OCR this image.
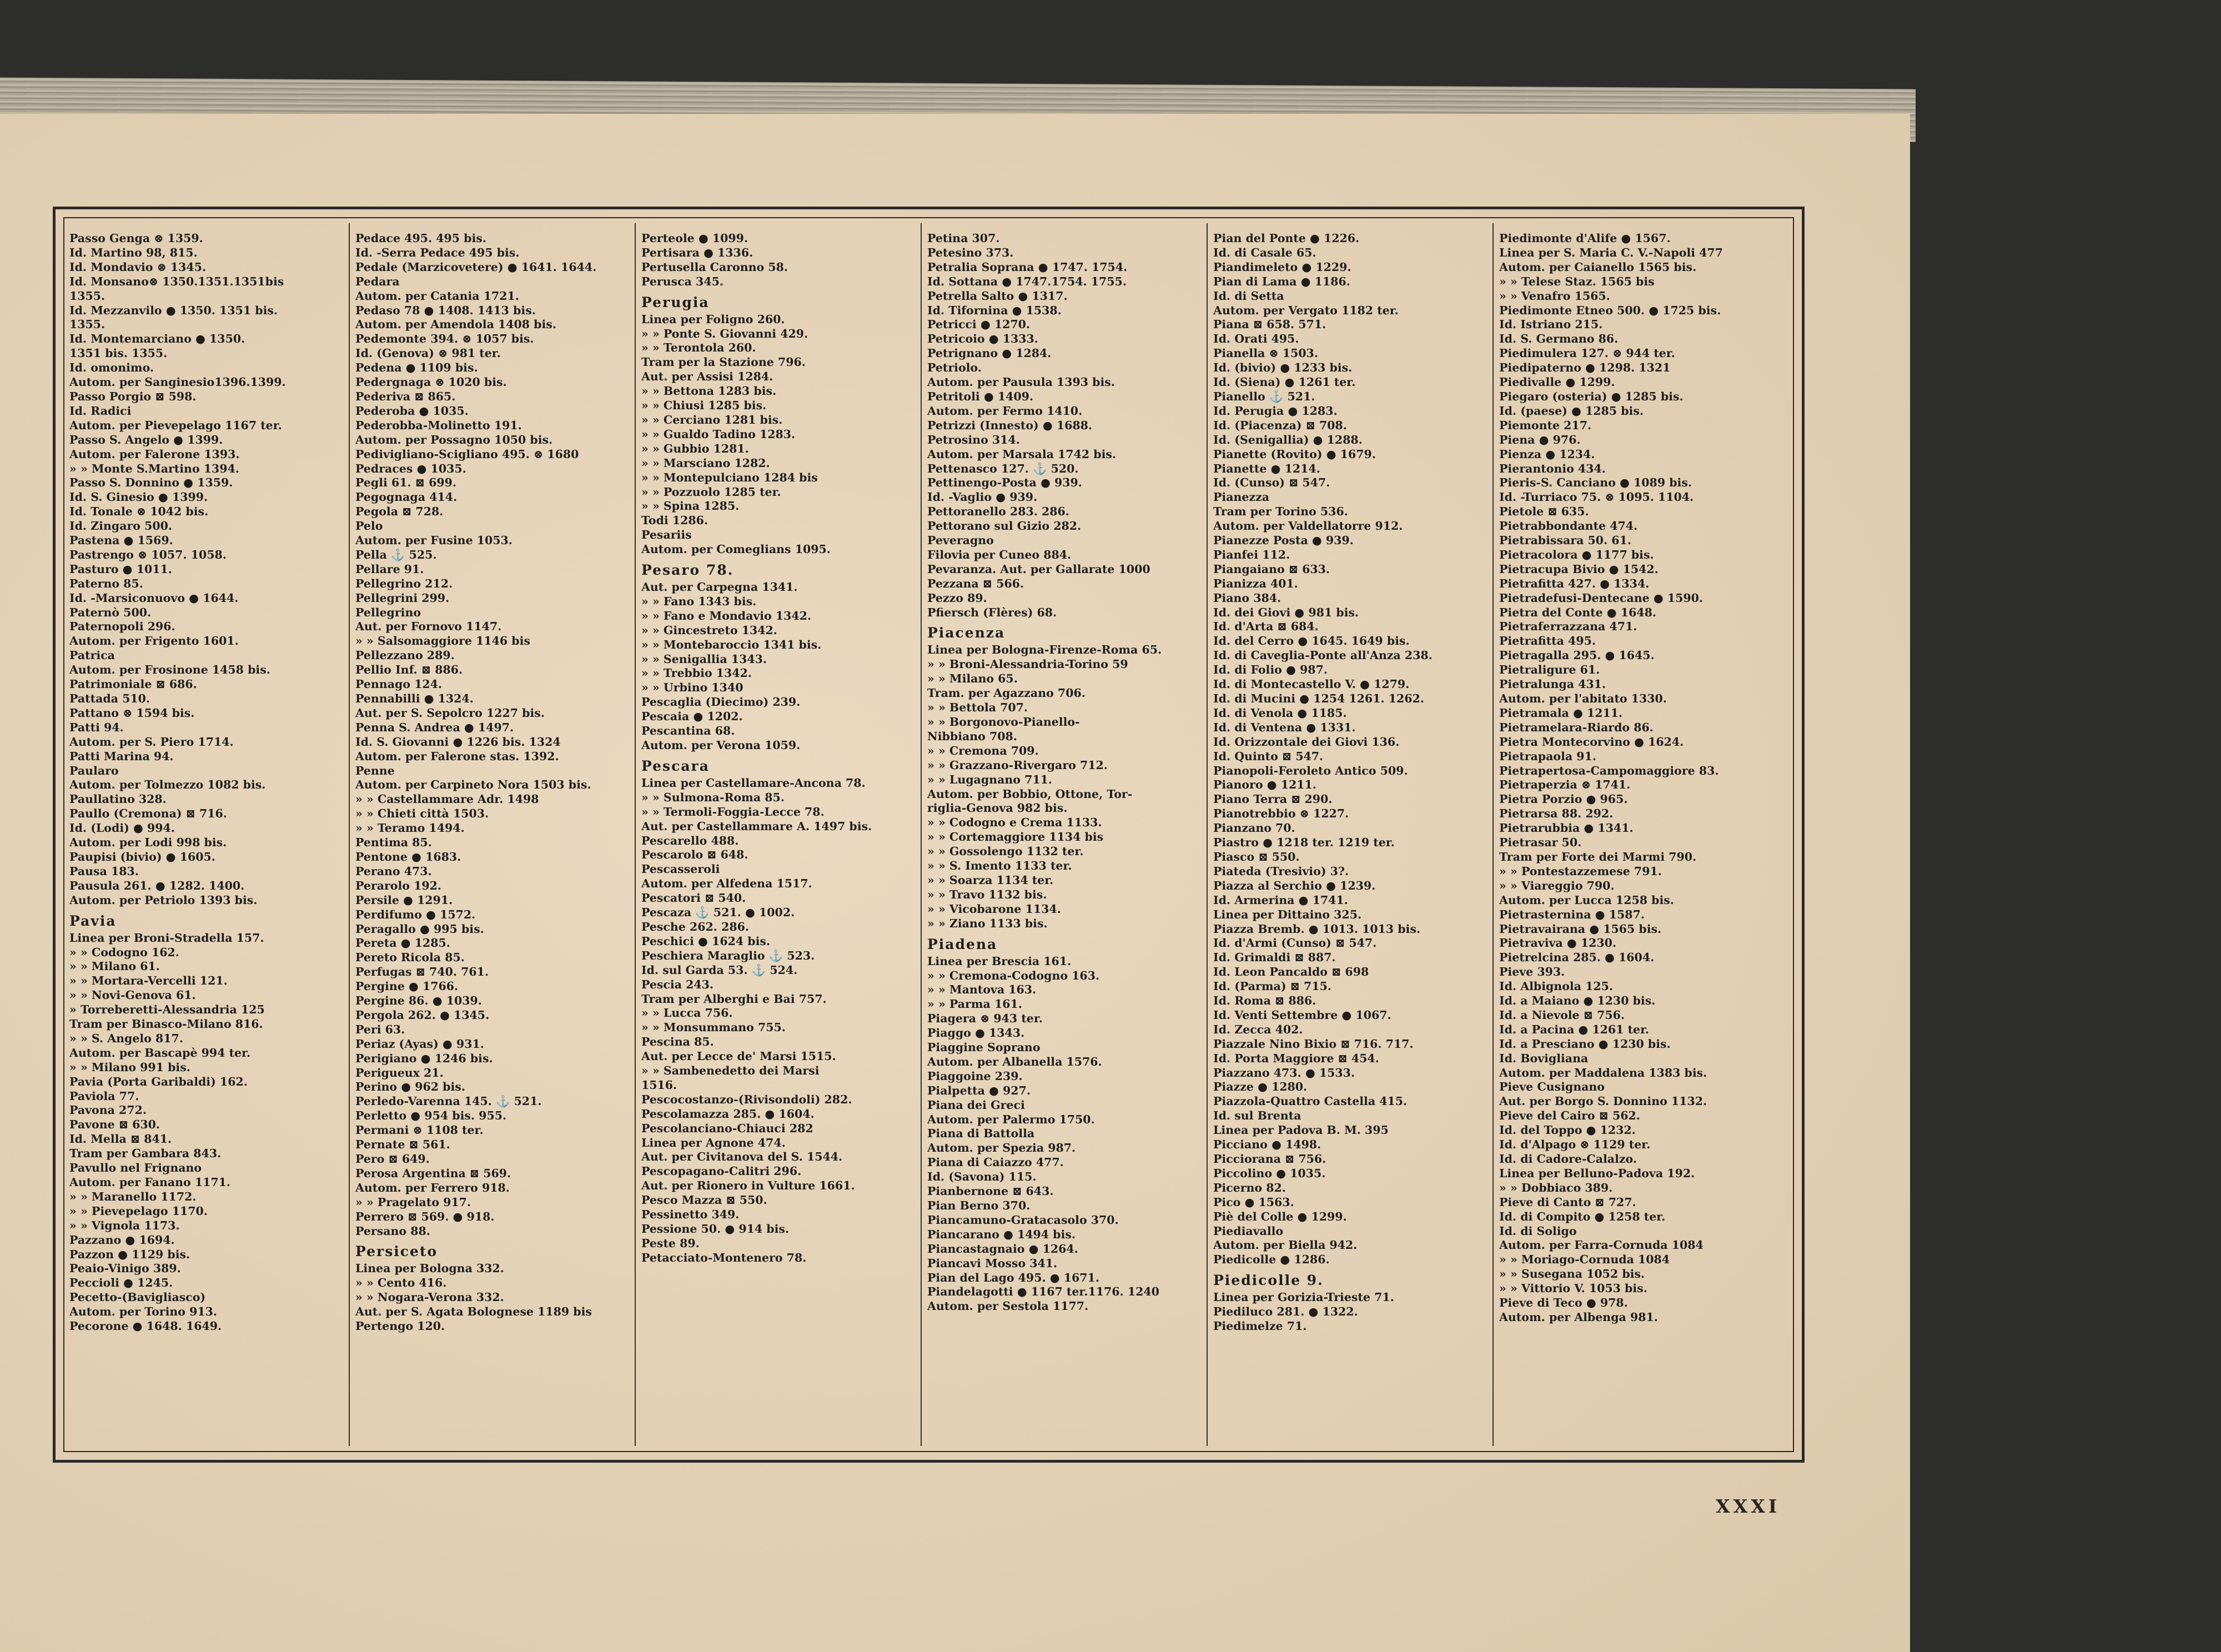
Passo Genga ⊗ 1359.
Id. Martino 98, 815.
Id. Mondavio ⊗ 1345.
Id. Monsano⊗ 1350.1351.1351bis
1355.
Id. Mezzanvilo ● 1350. 1351 bis.
1355.
Id. Montemarciano ● 1350.
1351 bis. 1355.
Id. omonimo.
Autom. per Sanginesio1396.1399.
Passo Porgio ⊠ 598.
Id. Radici
Autom. per Pievepelago 1167 ter.
Passo S. Angelo ● 1399.
Autom. per Falerone 1393.
» » Monte S.Martino 1394.
Passo S. Donnino ● 1359.
Id. S. Ginesio ● 1399.
Id. Tonale ⊗ 1042 bis.
Id. Zingaro 500.
Pastena ● 1569.
Pastrengo ⊗ 1057. 1058.
Pasturo ● 1011.
Paterno 85.
Id. -Marsiconuovo ● 1644.
Paternò 500.
Paternopoli 296.
Autom. per Frigento 1601.
Patrica
Autom. per Frosinone 1458 bis.
Patrimoniale ⊠ 686.
Pattada 510.
Pattano ⊗ 1594 bis.
Patti 94.
Autom. per S. Piero 1714.
Patti Marina 94.
Paularo
Autom. per Tolmezzo 1082 bis.
Paullatino 328.
Paullo (Cremona) ⊠ 716.
Id. (Lodi) ● 994.
Autom. per Lodi 998 bis.
Paupisi (bivio) ● 1605.
Pausa 183.
Pausula 261. ● 1282. 1400.
Autom. per Petriolo 1393 bis.
Pavia
Linea per Broni-Stradella 157.
» » Codogno 162.
» » Milano 61.
» » Mortara-Vercelli 121.
» » Novi-Genova 61.
» Torreberetti-Alessandria 125
Tram per Binasco-Milano 816.
» » S. Angelo 817.
Autom. per Bascapè 994 ter.
» » Milano 991 bis.
Pavia (Porta Garibaldi) 162.
Paviola 77.
Pavona 272.
Pavone ⊠ 630.
Id. Mella ⊠ 841.
Tram per Gambara 843.
Pavullo nel Frignano
Autom. per Fanano 1171.
» » Maranello 1172.
» » Pievepelago 1170.
» » Vignola 1173.
Pazzano ● 1694.
Pazzon ● 1129 bis.
Peaio-Vinigo 389.
Peccioli ● 1245.
Pecetto-(Bavigliasco)
Autom. per Torino 913.
Pecorone ● 1648. 1649.
Pedace 495. 495 bis.
Id. -Serra Pedace 495 bis.
Pedale (Marzicovetere) ● 1641. 1644.
Pedara
Autom. per Catania 1721.
Pedaso 78 ● 1408. 1413 bis.
Autom. per Amendola 1408 bis.
Pedemonte 394. ⊗ 1057 bis.
Id. (Genova) ⊗ 981 ter.
Pedena ● 1109 bis.
Pedergnaga ⊗ 1020 bis.
Pederiva ⊠ 865.
Pederoba ● 1035.
Pederobba-Molinetto 191.
Autom. per Possagno 1050 bis.
Pedivigliano-Scigliano 495. ⊗ 1680
Pedraces ● 1035.
Pegli 61. ⊠ 699.
Pegognaga 414.
Pegola ⊠ 728.
Pelo
Autom. per Fusine 1053.
Pella ⚓ 525.
Pellare 91.
Pellegrino 212.
Pellegrini 299.
Pellegrino
Aut. per Fornovo 1147.
» » Salsomaggiore 1146 bis
Pellezzano 289.
Pellio Inf. ⊠ 886.
Pennago 124.
Pennabilli ● 1324.
Aut. per S. Sepolcro 1227 bis.
Penna S. Andrea ● 1497.
Id. S. Giovanni ● 1226 bis. 1324
Autom. per Falerone stas. 1392.
Penne
Autom. per Carpineto Nora 1503 bis.
» » Castellammare Adr. 1498
» » Chieti città 1503.
» » Teramo 1494.
Pentima 85.
Pentone ● 1683.
Perano 473.
Perarolo 192.
Persile ● 1291.
Perdifumo ● 1572.
Peragallo ● 995 bis.
Pereta ● 1285.
Pereto Ricola 85.
Perfugas ⊠ 740. 761.
Pergine ● 1766.
Pergine 86. ● 1039.
Pergola 262. ● 1345.
Peri 63.
Periaz (Ayas) ● 931.
Perigiano ● 1246 bis.
Perigueux 21.
Perino ● 962 bis.
Perledo-Varenna 145. ⚓ 521.
Perletto ● 954 bis. 955.
Permani ⊗ 1108 ter.
Pernate ⊠ 561.
Pero ⊠ 649.
Perosa Argentina ⊠ 569.
Autom. per Ferrero 918.
» » Pragelato 917.
Perrero ⊠ 569. ● 918.
Persano 88.
Persiceto
Linea per Bologna 332.
» » Cento 416.
» » Nogara-Verona 332.
Aut. per S. Agata Bolognese 1189 bis
Pertengo 120.
Perteole ● 1099.
Pertisara ● 1336.
Pertusella Caronno 58.
Perusca 345.
Perugia
Linea per Foligno 260.
» » Ponte S. Giovanni 429.
» » Terontola 260.
Tram per la Stazione 796.
Aut. per Assisi 1284.
» » Bettona 1283 bis.
» » Chiusi 1285 bis.
» » Cerciano 1281 bis.
» » Gualdo Tadino 1283.
» » Gubbio 1281.
» » Marsciano 1282.
» » Montepulciano 1284 bis
» » Pozzuolo 1285 ter.
» » Spina 1285.
Todi 1286.
Pesariis
Autom. per Comeglians 1095.
Pesaro 78.
Aut. per Carpegna 1341.
» » Fano 1343 bis.
» » Fano e Mondavio 1342.
» » Gincestreto 1342.
» » Montebaroccio 1341 bis.
» » Senigallia 1343.
» » Trebbio 1342.
» » Urbino 1340
Pescaglia (Diecimo) 239.
Pescaia ● 1202.
Pescantina 68.
Autom. per Verona 1059.
Pescara
Linea per Castellamare-Ancona 78.
» » Sulmona-Roma 85.
» » Termoli-Foggia-Lecce 78.
Aut. per Castellammare A. 1497 bis.
Pescarello 488.
Pescarolo ⊠ 648.
Pescasseroli
Autom. per Alfedena 1517.
Pescatori ⊠ 540.
Pescaza ⚓ 521. ● 1002.
Pesche 262. 286.
Peschici ● 1624 bis.
Peschiera Maraglio ⚓ 523.
Id. sul Garda 53. ⚓ 524.
Pescia 243.
Tram per Alberghi e Bai 757.
» » Lucca 756.
» » Monsummano 755.
Pescina 85.
Aut. per Lecce de' Marsi 1515.
» » Sambenedetto dei Marsi
1516.
Pescocostanzo-(Rivisondoli) 282.
Pescolamazza 285. ● 1604.
Pescolanciano-Chiauci 282
Linea per Agnone 474.
Aut. per Civitanova del S. 1544.
Pescopagano-Calitri 296.
Aut. per Rionero in Vulture 1661.
Pesco Mazza ⊠ 550.
Pessinetto 349.
Pessione 50. ● 914 bis.
Peste 89.
Petacciato-Montenero 78.
Petina 307.
Petesino 373.
Petralia Soprana ● 1747. 1754.
Id. Sottana ● 1747.1754. 1755.
Petrella Salto ● 1317.
Id. Tifornina ● 1538.
Petricci ● 1270.
Petricoio ● 1333.
Petrignano ● 1284.
Petriolo.
Autom. per Pausula 1393 bis.
Petritoli ● 1409.
Autom. per Fermo 1410.
Petrizzi (Innesto) ● 1688.
Petrosino 314.
Autom. per Marsala 1742 bis.
Pettenasco 127. ⚓ 520.
Pettinengo-Posta ● 939.
Id. -Vaglio ● 939.
Pettoranello 283. 286.
Pettorano sul Gizio 282.
Peveragno
Filovia per Cuneo 884.
Pevaranza. Aut. per Gallarate 1000
Pezzana ⊠ 566.
Pezzo 89.
Pfiersch (Flères) 68.
Piacenza
Linea per Bologna-Firenze-Roma 65.
» » Broni-Alessandria-Torino 59
» » Milano 65.
Tram. per Agazzano 706.
» » Bettola 707.
» » Borgonovo-Pianello-
Nibbiano 708.
» » Cremona 709.
» » Grazzano-Rivergaro 712.
» » Lugagnano 711.
Autom. per Bobbio, Ottone, Tor-
riglia-Genova 982 bis.
» » Codogno e Crema 1133.
» » Cortemaggiore 1134 bis
» » Gossolengo 1132 ter.
» » S. Imento 1133 ter.
» » Soarza 1134 ter.
» » Travo 1132 bis.
» » Vicobarone 1134.
» » Ziano 1133 bis.
Piadena
Linea per Brescia 161.
» » Cremona-Codogno 163.
» » Mantova 163.
» » Parma 161.
Piagera ⊗ 943 ter.
Piaggo ● 1343.
Piaggine Soprano
Autom. per Albanella 1576.
Piaggoine 239.
Pialpetta ● 927.
Piana dei Greci
Autom. per Palermo 1750.
Piana di Battolla
Autom. per Spezia 987.
Piana di Caiazzo 477.
Id. (Savona) 115.
Pianbernone ⊠ 643.
Pian Berno 370.
Piancamuno-Gratacasolo 370.
Piancarano ● 1494 bis.
Piancastagnaio ● 1264.
Piancavi Mosso 341.
Pian del Lago 495. ● 1671.
Piandelagotti ● 1167 ter.1176. 1240
Autom. per Sestola 1177.
Pian del Ponte ● 1226.
Id. di Casale 65.
Piandimeleto ● 1229.
Pian di Lama ● 1186.
Id. di Setta
Autom. per Vergato 1182 ter.
Piana ⊠ 658. 571.
Id. Orati 495.
Pianella ⊗ 1503.
Id. (bivio) ● 1233 bis.
Id. (Siena) ● 1261 ter.
Pianello ⚓ 521.
Id. Perugia ● 1283.
Id. (Piacenza) ⊠ 708.
Id. (Senigallia) ● 1288.
Pianette (Rovito) ● 1679.
Pianette ● 1214.
Id. (Cunso) ⊠ 547.
Pianezza
Tram per Torino 536.
Autom. per Valdellatorre 912.
Pianezze Posta ● 939.
Pianfei 112.
Piangaiano ⊠ 633.
Pianizza 401.
Piano 384.
Id. dei Giovi ● 981 bis.
Id. d'Arta ⊠ 684.
Id. del Cerro ● 1645. 1649 bis.
Id. di Caveglia-Ponte all'Anza 238.
Id. di Folio ● 987.
Id. di Montecastello V. ● 1279.
Id. di Mucini ● 1254 1261. 1262.
Id. di Venola ● 1185.
Id. di Ventena ● 1331.
Id. Orizzontale dei Giovi 136.
Id. Quinto ⊠ 547.
Pianopoli-Feroleto Antico 509.
Pianoro ● 1211.
Piano Terra ⊠ 290.
Pianotrebbio ⊗ 1227.
Pianzano 70.
Piastro ● 1218 ter. 1219 ter.
Piasco ⊠ 550.
Piateda (Tresivio) 3?.
Piazza al Serchio ● 1239.
Id. Armerina ● 1741.
Linea per Dittaino 325.
Piazza Bremb. ● 1013. 1013 bis.
Id. d'Armi (Cunso) ⊠ 547.
Id. Grimaldi ⊠ 887.
Id. Leon Pancaldo ⊠ 698
Id. (Parma) ⊠ 715.
Id. Roma ⊠ 886.
Id. Venti Settembre ● 1067.
Id. Zecca 402.
Piazzale Nino Bixio ⊠ 716. 717.
Id. Porta Maggiore ⊠ 454.
Piazzano 473. ● 1533.
Piazze ● 1280.
Piazzola-Quattro Castella 415.
Id. sul Brenta
Linea per Padova B. M. 395
Picciano ● 1498.
Picciorana ⊠ 756.
Piccolino ● 1035.
Picerno 82.
Pico ● 1563.
Piè del Colle ● 1299.
Piediavallo
Autom. per Biella 942.
Piedicolle ● 1286.
Piedicolle 9.
Linea per Gorizia-Trieste 71.
Piediluco 281. ● 1322.
Piedimelze 71.
Piedimonte d'Alife ● 1567.
Linea per S. Maria C. V.-Napoli 477
Autom. per Caianello 1565 bis.
» » Telese Staz. 1565 bis
» » Venafro 1565.
Piedimonte Etneo 500. ● 1725 bis.
Id. Istriano 215.
Id. S. Germano 86.
Piedimulera 127. ⊗ 944 ter.
Piedipaterno ● 1298. 1321
Piedivalle ● 1299.
Piegaro (osteria) ● 1285 bis.
Id. (paese) ● 1285 bis.
Piemonte 217.
Piena ● 976.
Pienza ● 1234.
Pierantonio 434.
Pieris-S. Canciano ● 1089 bis.
Id. -Turriaco 75. ⊗ 1095. 1104.
Pietole ⊠ 635.
Pietrabbondante 474.
Pietrabissara 50. 61.
Pietracolora ● 1177 bis.
Pietracupa Bivio ● 1542.
Pietrafitta 427. ● 1334.
Pietradefusi-Dentecane ● 1590.
Pietra del Conte ● 1648.
Pietraferrazzana 471.
Pietrafitta 495.
Pietragalla 295. ● 1645.
Pietraligure 61.
Pietralunga 431.
Autom. per l'abitato 1330.
Pietramala ● 1211.
Pietramelara-Riardo 86.
Pietra Montecorvino ● 1624.
Pietrapaola 91.
Pietrapertosa-Campomaggiore 83.
Pietraperzia ⊗ 1741.
Pietra Porzio ● 965.
Pietrarsa 88. 292.
Pietrarubbia ● 1341.
Pietrasar 50.
Tram per Forte dei Marmi 790.
» » Pontestazzemese 791.
» » Viareggio 790.
Autom. per Lucca 1258 bis.
Pietrasternina ● 1587.
Pietravairana ● 1565 bis.
Pietraviva ● 1230.
Pietrelcina 285. ● 1604.
Pieve 393.
Id. Albignola 125.
Id. a Maiano ● 1230 bis.
Id. a Nievole ⊠ 756.
Id. a Pacina ● 1261 ter.
Id. a Presciano ● 1230 bis.
Id. Bovigliana
Autom. per Maddalena 1383 bis.
Pieve Cusignano
Aut. per Borgo S. Donnino 1132.
Pieve del Cairo ⊠ 562.
Id. del Toppo ● 1232.
Id. d'Alpago ⊗ 1129 ter.
Id. di Cadore-Calalzo.
Linea per Belluno-Padova 192.
» » Dobbiaco 389.
Pieve di Canto ⊠ 727.
Id. di Compito ● 1258 ter.
Id. di Soligo
Autom. per Farra-Cornuda 1084
» » Moriago-Cornuda 1084
» » Susegana 1052 bis.
» » Vittorio V. 1053 bis.
Pieve di Teco ● 978.
Autom. per Albenga 981.
XXXI
